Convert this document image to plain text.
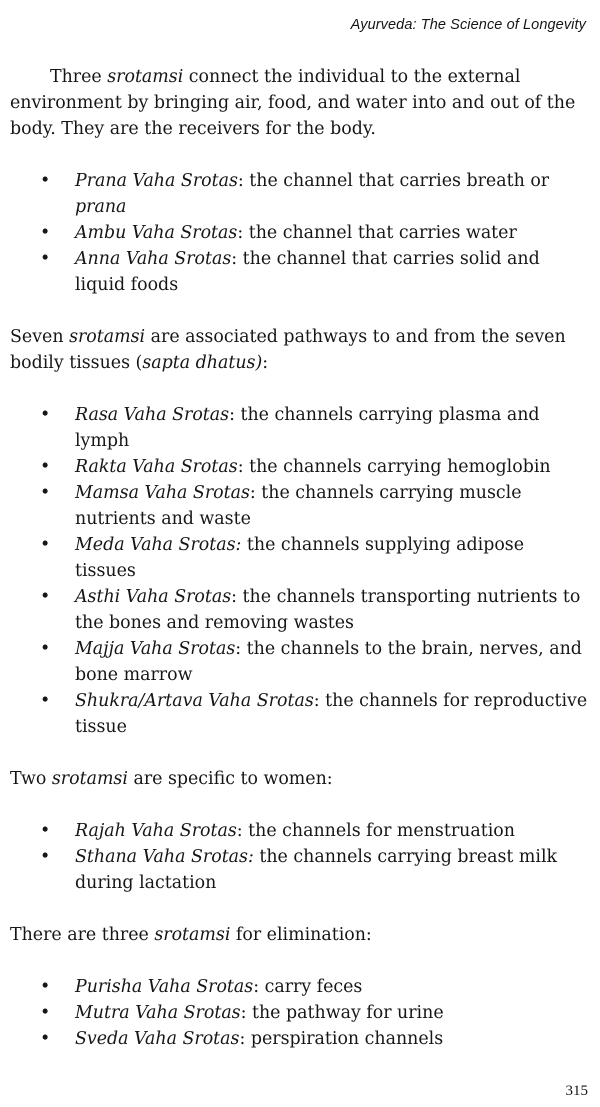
Ayurveda: The Science of Longevity

Three srotamsi connect the individual to the external environment by bringing air, food, and water into and out of the body. They are the receivers for the body.

• Prana Vaha Srotas: the channel that carries breath or prana
• Ambu Vaha Srotas: the channel that carries water
• Anna Vaha Srotas: the channel that carries solid and liquid foods

Seven srotamsi are associated pathways to and from the seven bodily tissues (sapta dhatus):

• Rasa Vaha Srotas: the channels carrying plasma and lymph
• Rakta Vaha Srotas: the channels carrying hemoglobin
• Mamsa Vaha Srotas: the channels carrying muscle nutrients and waste
• Meda Vaha Srotas: the channels supplying adipose tissues
• Asthi Vaha Srotas: the channels transporting nutrients to the bones and removing wastes
• Majja Vaha Srotas: the channels to the brain, nerves, and bone marrow
• Shukra/Artava Vaha Srotas: the channels for reproductive tissue

Two srotamsi are specific to women:

• Rajah Vaha Srotas: the channels for menstruation
• Sthana Vaha Srotas: the channels carrying breast milk during lactation

There are three srotamsi for elimination:

• Purisha Vaha Srotas: carry feces
• Mutra Vaha Srotas: the pathway for urine
• Sveda Vaha Srotas: perspiration channels
315
